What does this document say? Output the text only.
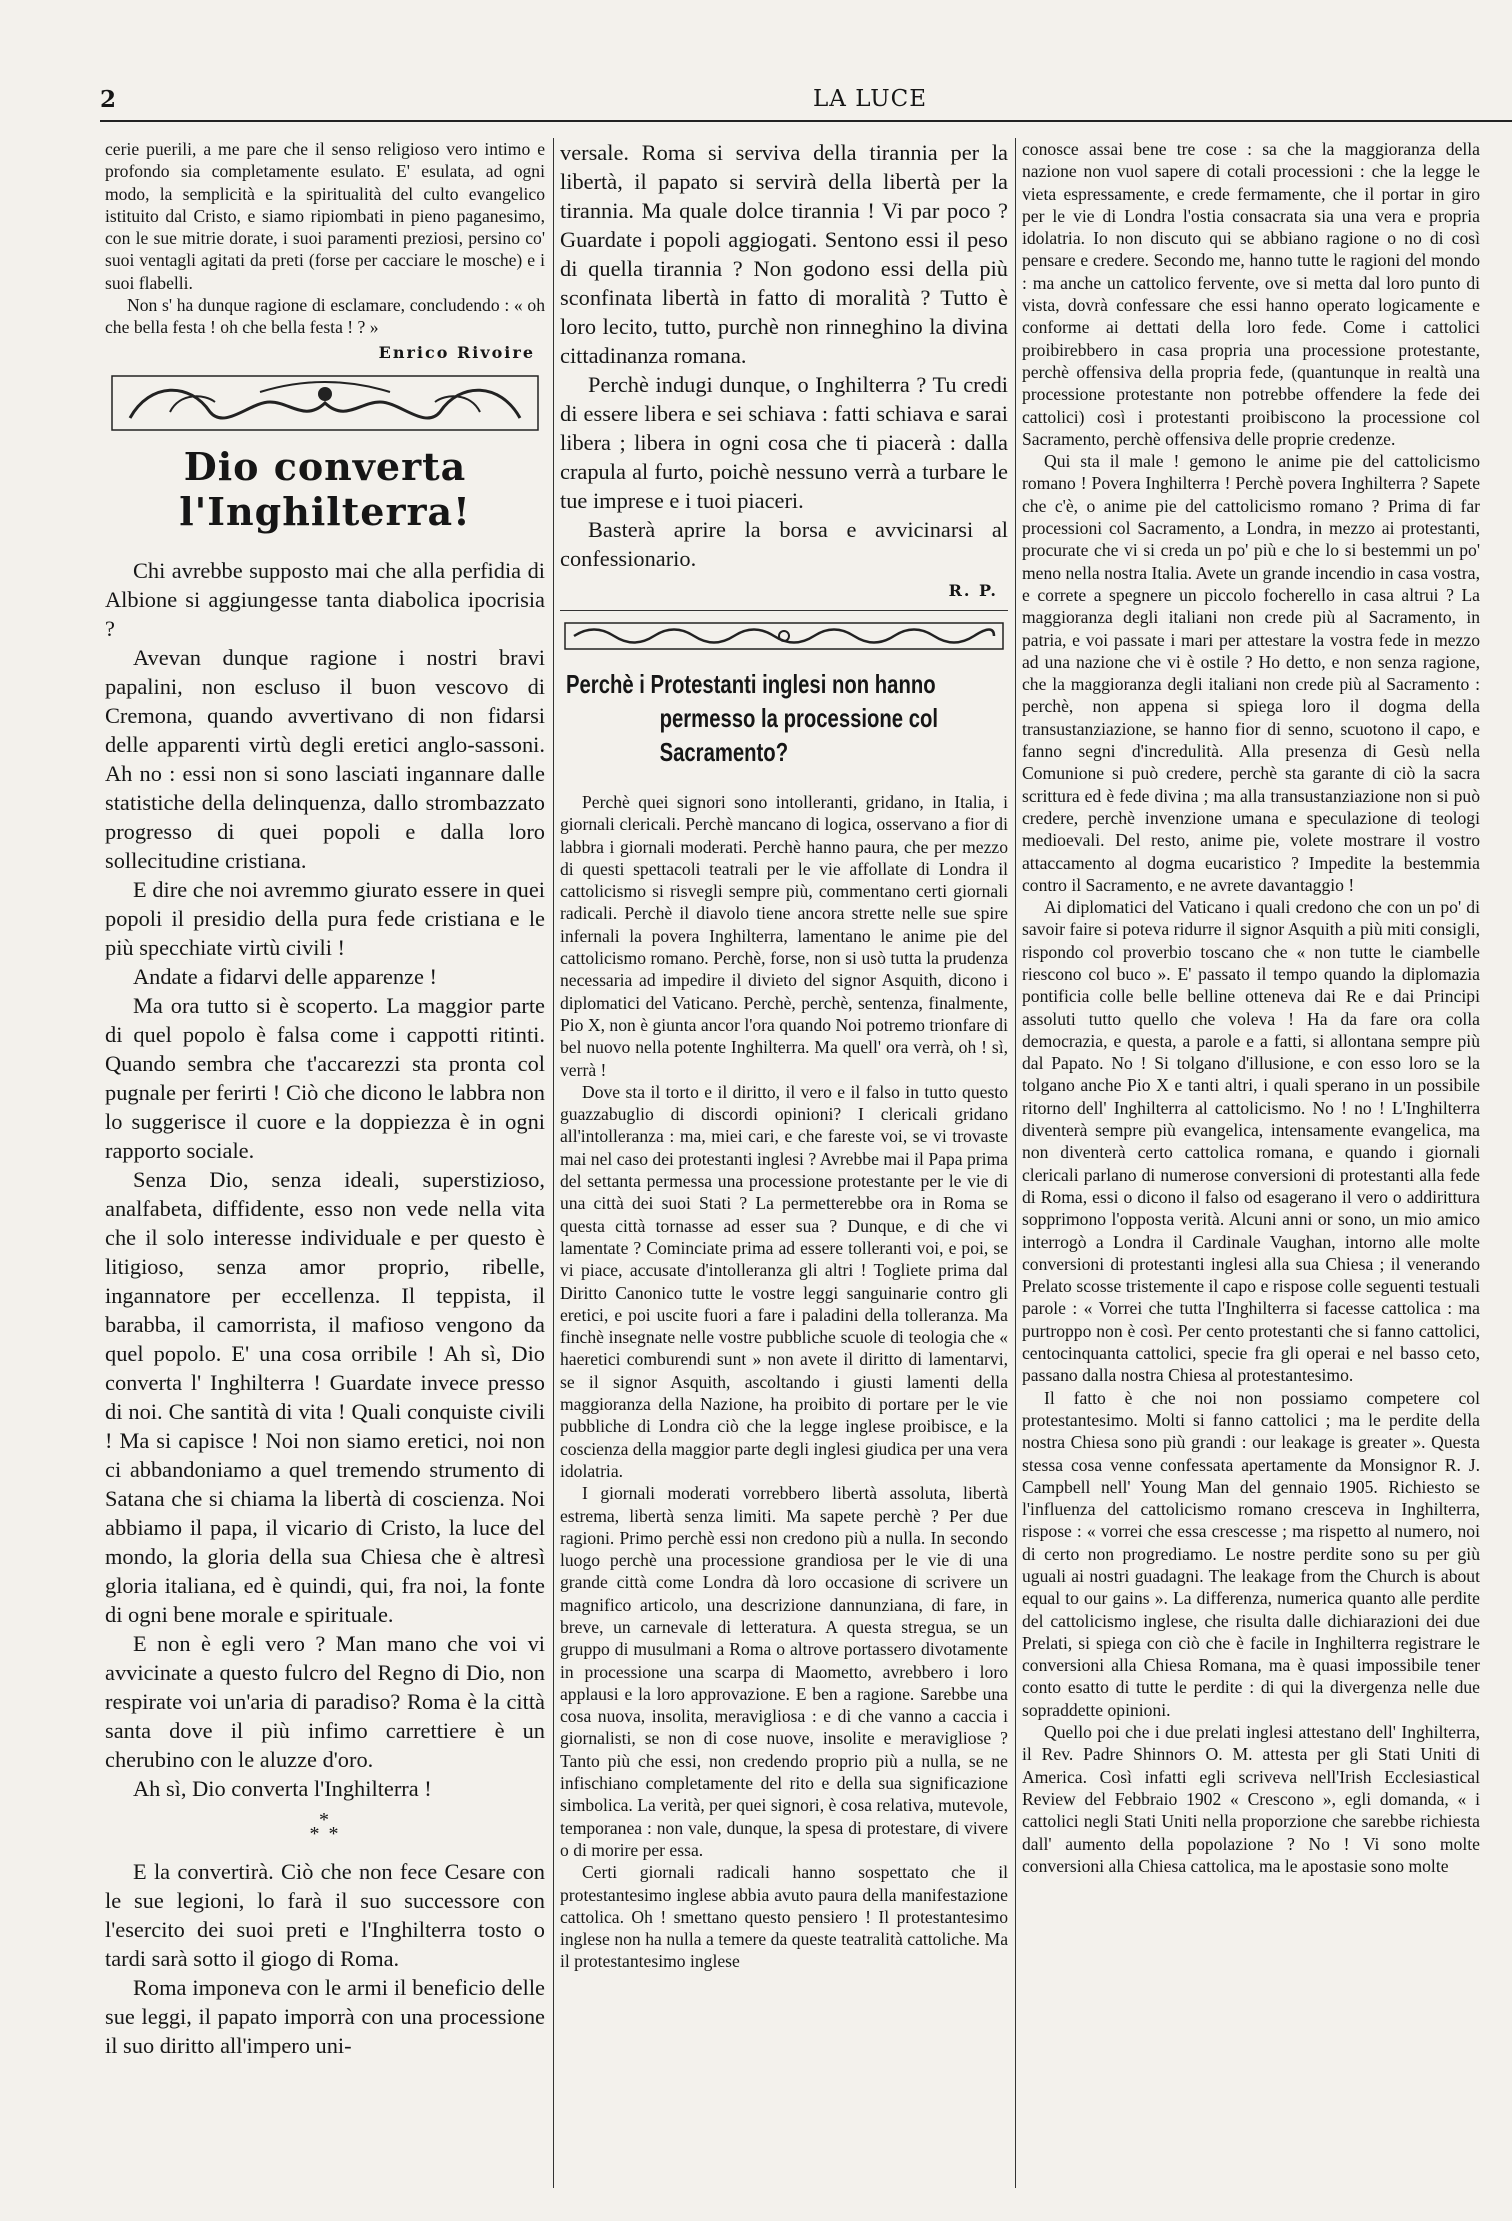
2	LA LUCE

cerie puerili, a me pare che il senso religioso vero intimo e profondo sia completamente esulato. E' esulata, ad ogni modo, la semplicità e la spiritualità del culto evangelico istituito dal Cristo, e siamo ripiombati in pieno paganesimo, con le sue mitrie dorate, i suoi paramenti preziosi, persino co' suoi ventagli agitati da preti (forse per cacciare le mosche) e i suoi flabelli.

Non s' ha dunque ragione di esclamare, concludendo : « oh che bella festa ! oh che bella festa ! ? »

Enrico Rivoire
Dio converta l'Inghilterra!

Chi avrebbe supposto mai che alla perfidia di Albione si aggiungesse tanta diabolica ipocrisia ?

Avevan dunque ragione i nostri bravi papalini, non escluso il buon vescovo di Cremona, quando avvertivano di non fidarsi delle apparenti virtù degli eretici anglo-sassoni. Ah no : essi non si sono lasciati ingannare dalle statistiche della delinquenza, dallo strombazzato progresso di quei popoli e dalla loro sollecitudine cristiana.

E dire che noi avremmo giurato essere in quei popoli il presidio della pura fede cristiana e le più specchiate virtù civili !

Andate a fidarvi delle apparenze !

Ma ora tutto si è scoperto. La maggior parte di quel popolo è falsa come i cappotti ritinti. Quando sembra che t'accarezzi sta pronta col pugnale per ferirti ! Ciò che dicono le labbra non lo suggerisce il cuore e la doppiezza è in ogni rapporto sociale.

Senza Dio, senza ideali, superstizioso, analfabeta, diffidente, esso non vede nella vita che il solo interesse individuale e per questo è litigioso, senza amor proprio, ribelle, ingannatore per eccellenza. Il teppista, il barabba, il camorrista, il mafioso vengono da quel popolo. E' una cosa orribile ! Ah sì, Dio converta l' Inghilterra ! Guardate invece presso di noi. Che santità di vita ! Quali conquiste civili ! Ma si capisce ! Noi non siamo eretici, noi non ci abbandoniamo a quel tremendo strumento di Satana che si chiama la libertà di coscienza. Noi abbiamo il papa, il vicario di Cristo, la luce del mondo, la gloria della sua Chiesa che è altresì gloria italiana, ed è quindi, qui, fra noi, la fonte di ogni bene morale e spirituale.

E non è egli vero ? Man mano che voi vi avvicinate a questo fulcro del Regno di Dio, non respirate voi un'aria di paradiso? Roma è la città santa dove il più infimo carrettiere è un cherubino con le aluzze d'oro.

Ah sì, Dio converta l'Inghilterra !

*
* *

E la convertirà. Ciò che non fece Cesare con le sue legioni, lo farà il suo successore con l'esercito dei suoi preti e l'Inghilterra tosto o tardi sarà sotto il giogo di Roma.

Roma imponeva con le armi il beneficio delle sue leggi, il papato imporrà con una processione il suo diritto all'impero uni-

versale. Roma si serviva della tirannia per la libertà, il papato si servirà della libertà per la tirannia. Ma quale dolce tirannia ! Vi par poco ? Guardate i popoli aggiogati. Sentono essi il peso di quella tirannia ? Non godono essi della più sconfinata libertà in fatto di moralità ? Tutto è loro lecito, tutto, purchè non rinneghino la divina cittadinanza romana.

Perchè indugi dunque, o Inghilterra ? Tu credi di essere libera e sei schiava : fatti schiava e sarai libera ; libera in ogni cosa che ti piacerà : dalla crapula al furto, poichè nessuno verrà a turbare le tue imprese e i tuoi piaceri.

Basterà aprire la borsa e avvicinarsi al confessionario.

R. P.
Perchè i Protestanti inglesi non hanno
permesso la processione col Sacramento?

Perchè quei signori sono intolleranti, gridano, in Italia, i giornali clericali. Perchè mancano di logica, osservano a fior di labbra i giornali moderati. Perchè hanno paura, che per mezzo di questi spettacoli teatrali per le vie affollate di Londra il cattolicismo si risvegli sempre più, commentano certi giornali radicali. Perchè il diavolo tiene ancora strette nelle sue spire infernali la povera Inghilterra, lamentano le anime pie del cattolicismo romano. Perchè, forse, non si usò tutta la prudenza necessaria ad impedire il divieto del signor Asquith, dicono i diplomatici del Vaticano. Perchè, perchè, sentenza, finalmente, Pio X, non è giunta ancor l'ora quando Noi potremo trionfare di bel nuovo nella potente Inghilterra. Ma quell' ora verrà, oh ! sì, verrà !

Dove sta il torto e il diritto, il vero e il falso in tutto questo guazzabuglio di discordi opinioni? I clericali gridano all'intolleranza : ma, miei cari, e che fareste voi, se vi trovaste mai nel caso dei protestanti inglesi ? Avrebbe mai il Papa prima del settanta permessa una processione protestante per le vie di una città dei suoi Stati ? La permetterebbe ora in Roma se questa città tornasse ad esser sua ? Dunque, e di che vi lamentate ? Cominciate prima ad essere tolleranti voi, e poi, se vi piace, accusate d'intolleranza gli altri ! Togliete prima dal Diritto Canonico tutte le vostre leggi sanguinarie contro gli eretici, e poi uscite fuori a fare i paladini della tolleranza. Ma finchè insegnate nelle vostre pubbliche scuole di teologia che « haeretici comburendi sunt » non avete il diritto di lamentarvi, se il signor Asquith, ascoltando i giusti lamenti della maggioranza della Nazione, ha proibito di portare per le vie pubbliche di Londra ciò che la legge inglese proibisce, e la coscienza della maggior parte degli inglesi giudica per una vera idolatria.

I giornali moderati vorrebbero libertà assoluta, libertà estrema, libertà senza limiti. Ma sapete perchè ? Per due ragioni. Primo perchè essi non credono più a nulla. In secondo luogo perchè una processione grandiosa per le vie di una grande città come Londra dà loro occasione di scrivere un magnifico articolo, una descrizione dannunziana, di fare, in breve, un carnevale di letteratura. A questa stregua, se un gruppo di musulmani a Roma o altrove portassero divotamente in processione una scarpa di Maometto, avrebbero i loro applausi e la loro approvazione. E ben a ragione. Sarebbe una cosa nuova, insolita, meravigliosa : e di che vanno a caccia i giornalisti, se non di cose nuove, insolite e meravigliose ? Tanto più che essi, non credendo proprio più a nulla, se ne infischiano completamente del rito e della sua significazione simbolica. La verità, per quei signori, è cosa relativa, mutevole, temporanea : non vale, dunque, la spesa di protestare, di vivere o di morire per essa.

Certi giornali radicali hanno sospettato che il protestantesimo inglese abbia avuto paura della manifestazione cattolica. Oh ! smettano questo pensiero ! Il protestantesimo inglese non ha nulla a temere da queste teatralità cattoliche. Ma il protestantesimo inglese

conosce assai bene tre cose : sa che la maggioranza della nazione non vuol sapere di cotali processioni : che la legge le vieta espressamente, e crede fermamente, che il portar in giro per le vie di Londra l'ostia consacrata sia una vera e propria idolatria. Io non discuto qui se abbiano ragione o no di così pensare e credere. Secondo me, hanno tutte le ragioni del mondo : ma anche un cattolico fervente, ove si metta dal loro punto di vista, dovrà confessare che essi hanno operato logicamente e conforme ai dettati della loro fede. Come i cattolici proibirebbero in casa propria una processione protestante, perchè offensiva della propria fede, (quantunque in realtà una processione protestante non potrebbe offendere la fede dei cattolici) così i protestanti proibiscono la processione col Sacramento, perchè offensiva delle proprie credenze.

Qui sta il male ! gemono le anime pie del cattolicismo romano ! Povera Inghilterra ! Perchè povera Inghilterra ? Sapete che c'è, o anime pie del cattolicismo romano ? Prima di far processioni col Sacramento, a Londra, in mezzo ai protestanti, procurate che vi si creda un po' più e che lo si bestemmi un po' meno nella nostra Italia. Avete un grande incendio in casa vostra, e correte a spegnere un piccolo focherello in casa altrui ? La maggioranza degli italiani non crede più al Sacramento, in patria, e voi passate i mari per attestare la vostra fede in mezzo ad una nazione che vi è ostile ? Ho detto, e non senza ragione, che la maggioranza degli italiani non crede più al Sacramento : perchè, non appena si spiega loro il dogma della transustanziazione, se hanno fior di senno, scuotono il capo, e fanno segni d'incredulità. Alla presenza di Gesù nella Comunione si può credere, perchè sta garante di ciò la sacra scrittura ed è fede divina ; ma alla transustanziazione non si può credere, perchè invenzione umana e speculazione di teologi medioevali. Del resto, anime pie, volete mostrare il vostro attaccamento al dogma eucaristico ? Impedite la bestemmia contro il Sacramento, e ne avrete davantaggio !

Ai diplomatici del Vaticano i quali credono che con un po' di savoir faire si poteva ridurre il signor Asquith a più miti consigli, rispondo col proverbio toscano che « non tutte le ciambelle riescono col buco ». E' passato il tempo quando la diplomazia pontificia colle belle belline otteneva dai Re e dai Principi assoluti tutto quello che voleva ! Ha da fare ora colla democrazia, e questa, a parole e a fatti, si allontana sempre più dal Papato. No ! Si tolgano d'illusione, e con esso loro se la tolgano anche Pio X e tanti altri, i quali sperano in un possibile ritorno dell' Inghilterra al cattolicismo. No ! no ! L'Inghilterra diventerà sempre più evangelica, intensamente evangelica, ma non diventerà certo cattolica romana, e quando i giornali clericali parlano di numerose conversioni di protestanti alla fede di Roma, essi o dicono il falso od esagerano il vero o addirittura sopprimono l'opposta verità. Alcuni anni or sono, un mio amico interrogò a Londra il Cardinale Vaughan, intorno alle molte conversioni di protestanti inglesi alla sua Chiesa ; il venerando Prelato scosse tristemente il capo e rispose colle seguenti testuali parole : « Vorrei che tutta l'Inghilterra si facesse cattolica : ma purtroppo non è così. Per cento protestanti che si fanno cattolici, centocinquanta cattolici, specie fra gli operai e nel basso ceto, passano dalla nostra Chiesa al protestantesimo.

Il fatto è che noi non possiamo competere col protestantesimo. Molti si fanno cattolici ; ma le perdite della nostra Chiesa sono più grandi : our leakage is greater ». Questa stessa cosa venne confessata apertamente da Monsignor R. J. Campbell nell' Young Man del gennaio 1905. Richiesto se l'influenza del cattolicismo romano cresceva in Inghilterra, rispose : « vorrei che essa crescesse ; ma rispetto al numero, noi di certo non progrediamo. Le nostre perdite sono su per giù uguali ai nostri guadagni. The leakage from the Church is about equal to our gains ». La differenza, numerica quanto alle perdite del cattolicismo inglese, che risulta dalle dichiarazioni dei due Prelati, si spiega con ciò che è facile in Inghilterra registrare le conversioni alla Chiesa Romana, ma è quasi impossibile tener conto esatto di tutte le perdite : di qui la divergenza nelle due sopraddette opinioni.

Quello poi che i due prelati inglesi attestano dell' Inghilterra, il Rev. Padre Shinnors O. M. attesta per gli Stati Uniti di America. Così infatti egli scriveva nell'Irish Ecclesiastical Review del Febbraio 1902 « Crescono », egli domanda, « i cattolici negli Stati Uniti nella proporzione che sarebbe richiesta dall' aumento della popolazione ? No ! Vi sono molte conversioni alla Chiesa cattolica, ma le apostasie sono molte
